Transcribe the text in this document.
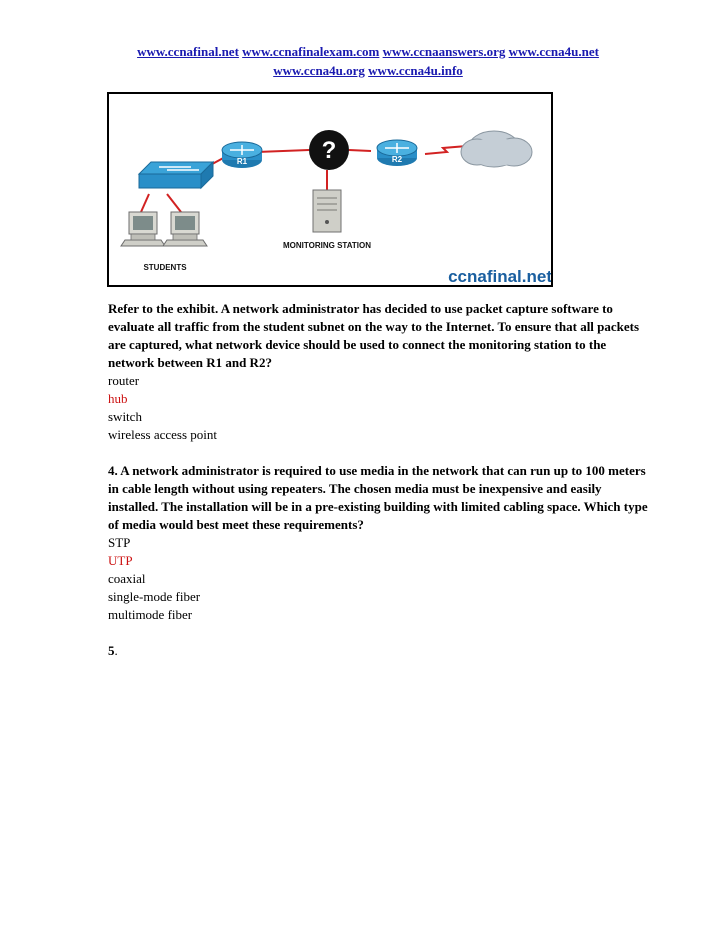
www.ccnafinal.net www.ccnafinalexam.com www.ccnaanswers.org www.ccna4u.net
www.ccna4u.org www.ccna4u.info
R1	?	R2
MONITORING STATION
STUDENTS	ccnafinal.net
Refer to the exhibit. A network administrator has decided to use packet capture software to evaluate all traffic from the student subnet on the way to the Internet. To ensure that all packets are captured, what network device should be used to connect the monitoring station to the network between R1 and R2?
router
hub
switch
wireless access point
4. A network administrator is required to use media in the network that can run up to 100 meters in cable length without using repeaters. The chosen media must be inexpensive and easily installed. The installation will be in a pre-existing building with limited cabling space. Which type of media would best meet these requirements?
STP
UTP
coaxial
single-mode fiber
multimode fiber
5.
